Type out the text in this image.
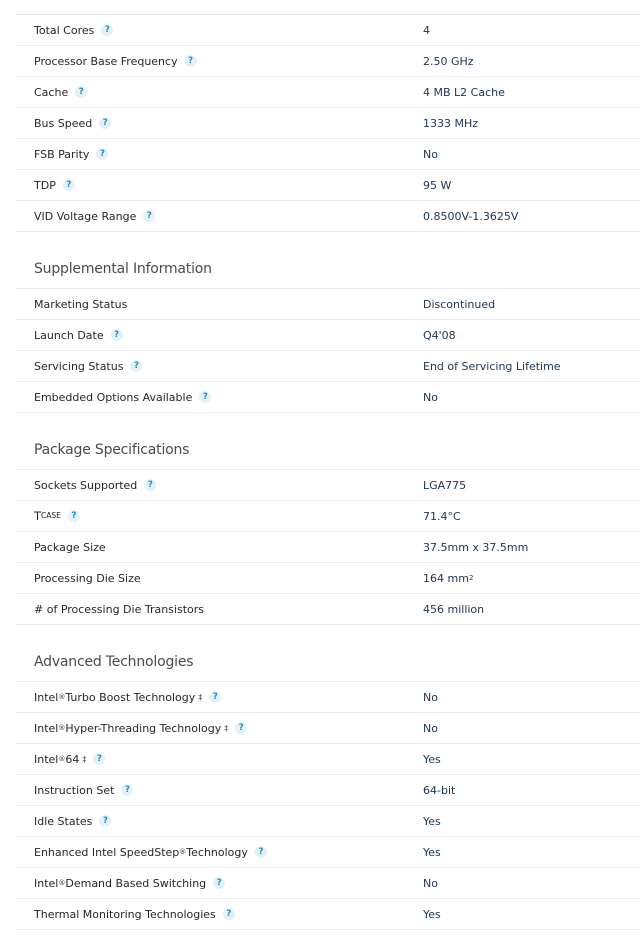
Total Cores	?	4
Processor Base Frequency	?	2.50 GHz
Cache	?	4 MB L2 Cache
Bus Speed	?	1333 MHz
FSB Parity	?	No
TDP	?	95 W
VID Voltage Range	?	0.8500V-1.3625V
Supplemental Information
Marketing Status	Discontinued
Launch Date	?	Q4'08
Servicing Status	?	End of Servicing Lifetime
Embedded Options Available	?	No
Package Specifications
Sockets Supported	?	LGA775
T CASE	?	71.4°C
Package Size	37.5mm x 37.5mm
Processing Die Size	164 mm 2
# of Processing Die Transistors	456 million
Advanced Technologies
Intel ® Turbo Boost Technology ‡	?	No
Intel ® Hyper-Threading Technology ‡	?	No
Intel ® 64 ‡	?	Yes
Instruction Set	?	64-bit
Idle States	?	Yes
Enhanced Intel SpeedStep ® Technology	?	Yes
Intel ® Demand Based Switching	?	No
Thermal Monitoring Technologies	?	Yes
